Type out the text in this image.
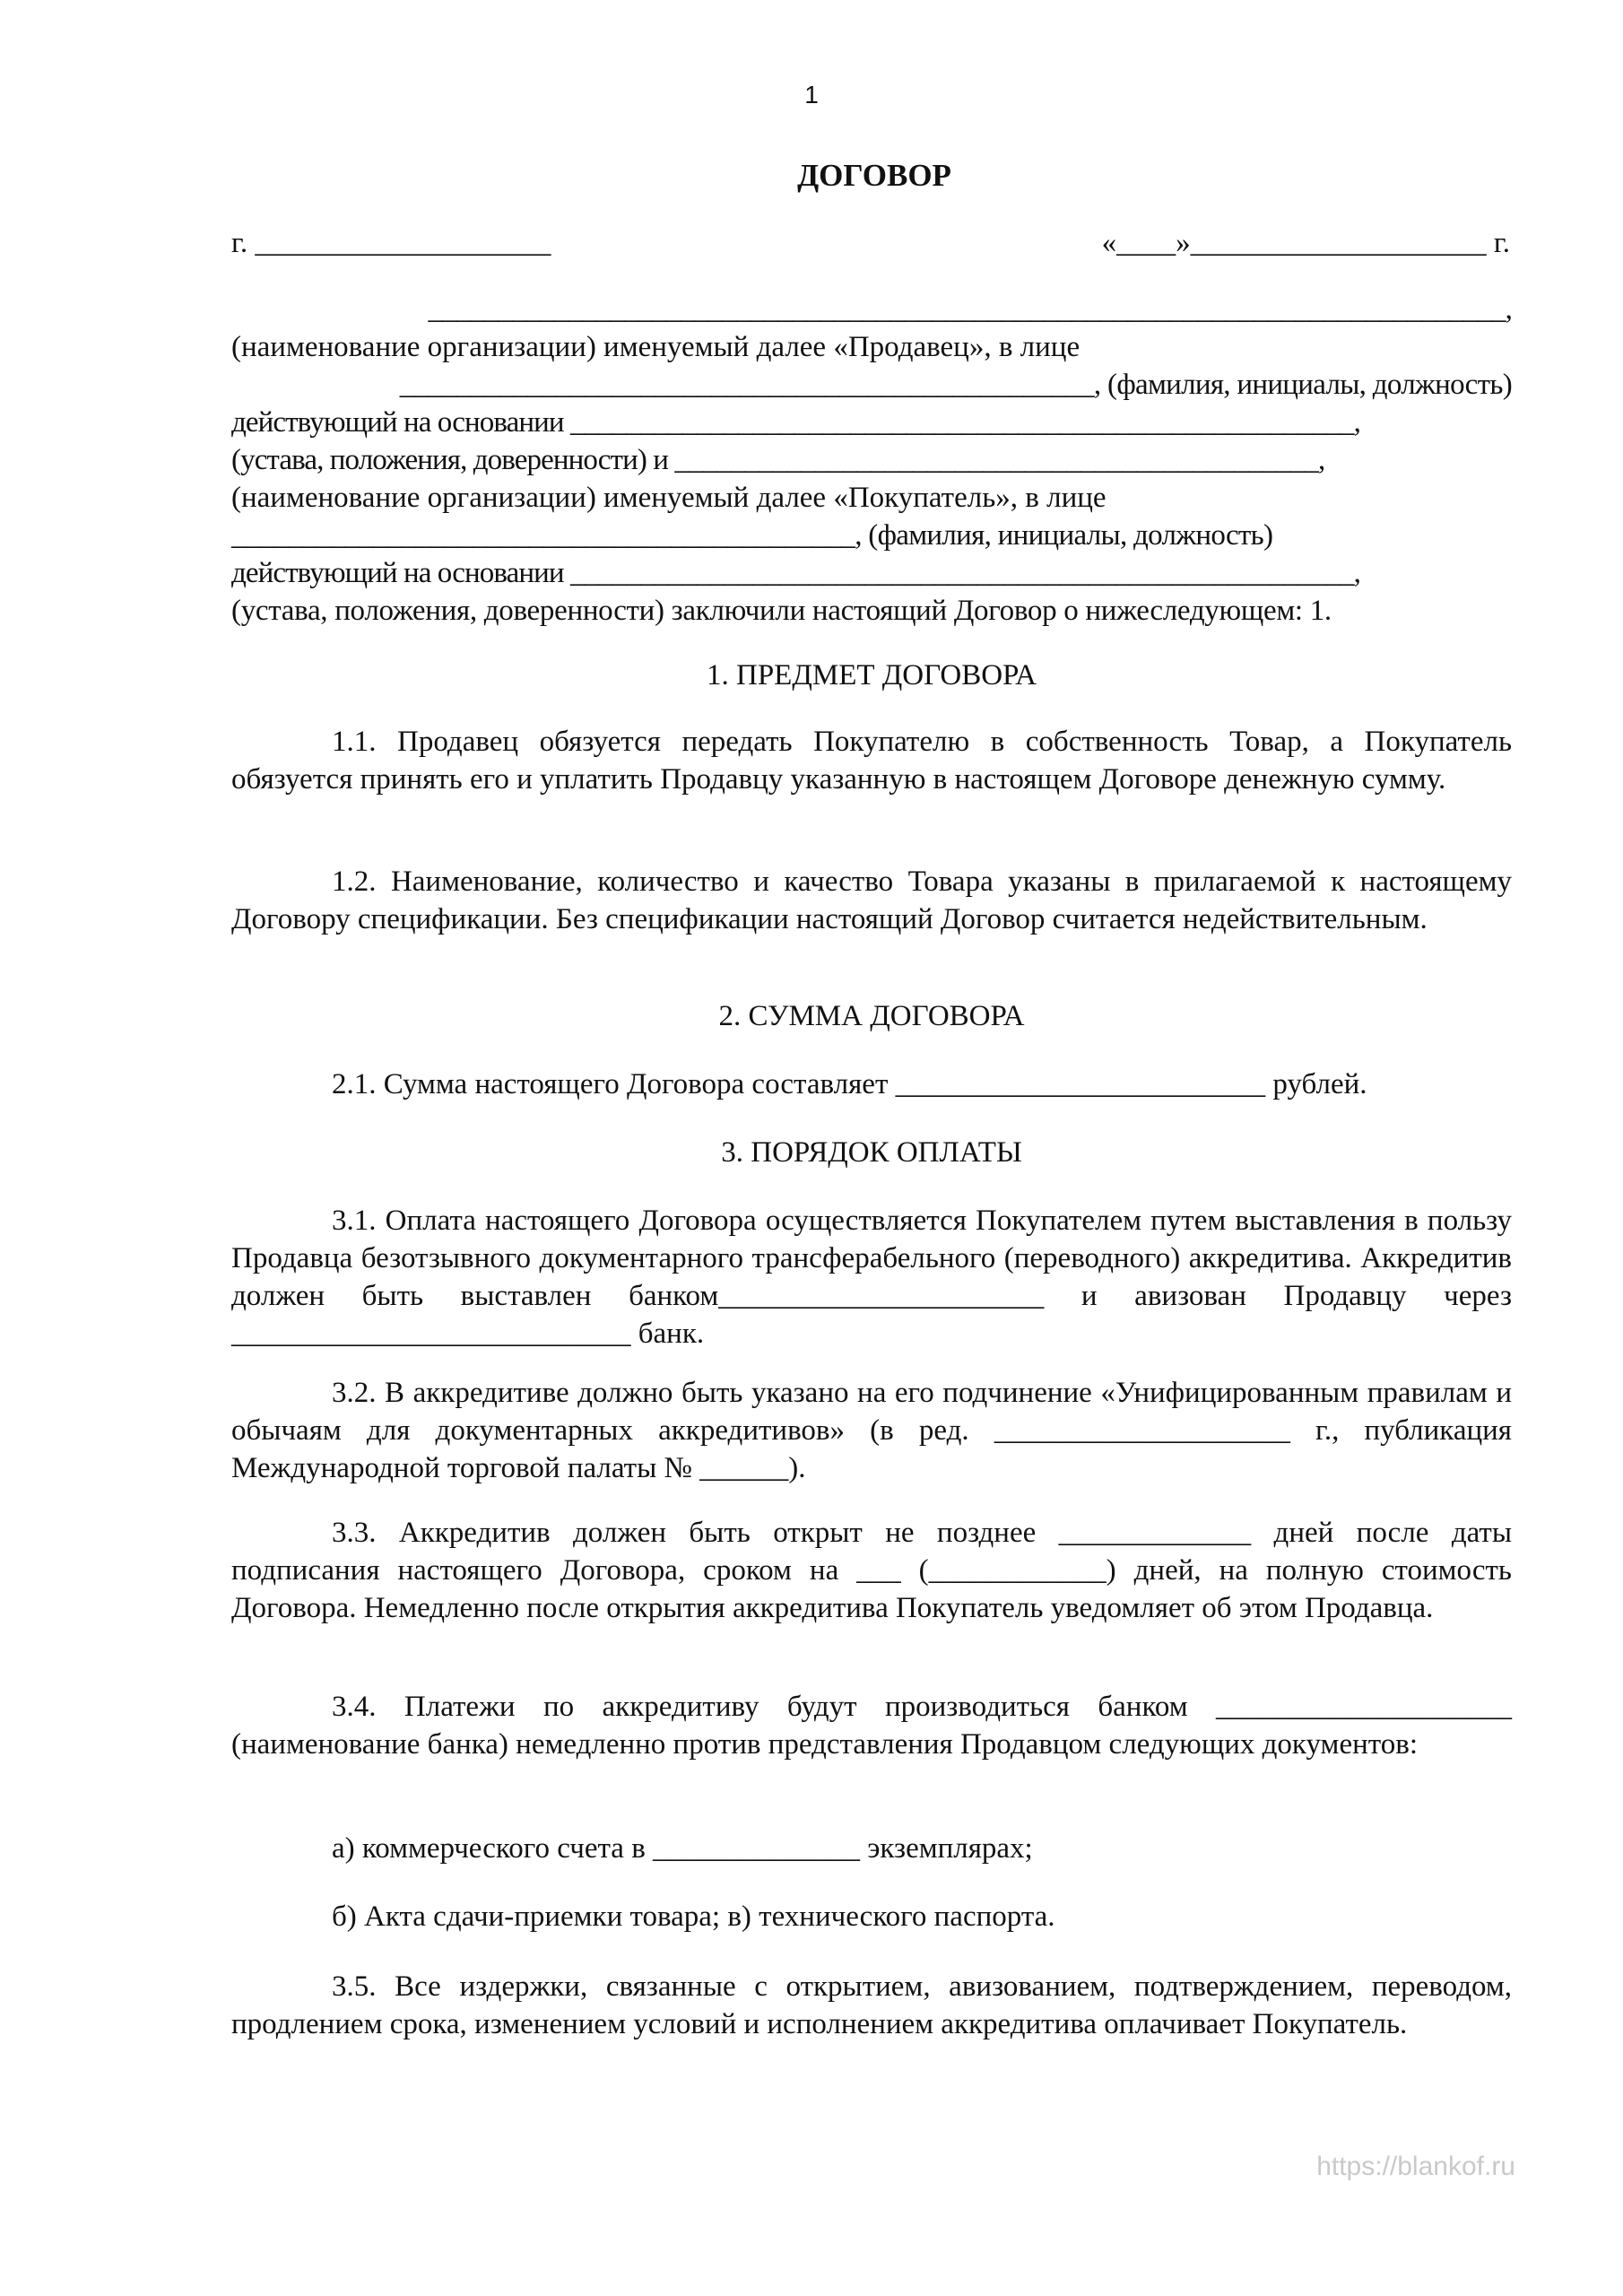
1
ДОГОВОР
г. ____________________	«____»____________________ г.
_____________________________________________________________________________,
(наименование организации) именуемый далее «Продавец», в лице
_________________________________________________, (фамилия, инициалы, должность)
действующий на основании ________________________________________________________,
(устава, положения, доверенности) и ______________________________________________,
(наименование организации) именуемый далее «Покупатель», в лице
____________________________________________, (фамилия, инициалы, должность)
действующий на основании ________________________________________________________,
(устава, положения, доверенности) заключили настоящий Договор о нижеследующем: 1.
1. ПРЕДМЕТ ДОГОВОРА
1.1. Продавец обязуется передать Покупателю в собственность Товар, а Покупатель обязуется принять его и уплатить Продавцу указанную в настоящем Договоре денежную сумму.
1.2. Наименование, количество и качество Товара указаны в прилагаемой к настоящему Договору спецификации. Без спецификации настоящий Договор считается недействительным.
2. СУММА ДОГОВОРА
2.1. Сумма настоящего Договора составляет _________________________ рублей.
3. ПОРЯДОК ОПЛАТЫ
3.1. Оплата настоящего Договора осуществляется Покупателем путем выставления в пользу Продавца безотзывного документарного трансферабельного (переводного) аккредитива. Аккредитив должен быть выставлен банком______________________ и авизован Продавцу через ___________________________ банк.
3.2. В аккредитиве должно быть указано на его подчинение «Унифицированным правилам и обычаям для документарных аккредитивов» (в ред. ____________________ г., публикация Международной торговой палаты № ______).
3.3. Аккредитив должен быть открыт не позднее _____________ дней после даты подписания настоящего Договора, сроком на ___ (____________) дней, на полную стоимость Договора. Немедленно после открытия аккредитива Покупатель уведомляет об этом Продавца.
3.4. Платежи по аккредитиву будут производиться банком ____________________ (наименование банка) немедленно против представления Продавцом следующих документов:
а) коммерческого счета в ______________ экземплярах;
б) Акта сдачи-приемки товара; в) технического паспорта.
3.5. Все издержки, связанные с открытием, авизованием, подтверждением, переводом, продлением срока, изменением условий и исполнением аккредитива оплачивает Покупатель.
https://blankof.ru
